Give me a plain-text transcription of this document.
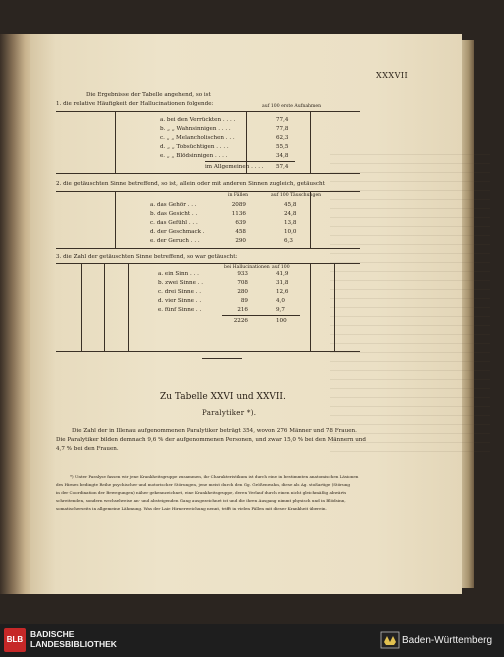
XXXVII
Die Ergebnisse der Tabelle angehend, so ist
1. die relative Häufigkeit der Hallucinationen folgende:	auf 100 erste Aufnahmen
a. bei den Verrückten . . . .	77,4
b. „ „ Wahnsinnigen . . . .	77,8
c. „ „ Melancholischen . . .	62,3
d. „ „ Tobsüchtigen . . . .	55,5
e. „ „ Blödsinnigen . . . .	34,8
im Allgemeinen . . . . 57,4
2. die getäuschten Sinne betreffend, so ist, allein oder mit anderen Sinnen zugleich, getäuscht
in Fällen	auf 100 Täuschungen
a. das Gehör . . .	2089	45,8
b. das Gesicht . .	1136	24,8
c. das Gefühl . . .	639	13,8
d. der Geschmack .	458	10,0
e. der Geruch . . .	290	6,3
3. die Zahl der getäuschten Sinne betreffend, so war getäuscht:
bei Hallucinationen auf 100
a. ein Sinn . . .	933	41,9
b. zwei Sinne . .	708	31,8
c. drei Sinne . .	280	12,6
d. vier Sinne . .	89	4,0
e. fünf Sinne . .	216	9,7
2226	100
Zu Tabelle XXVI und XXVII.
Paralytiker *).
Die Zahl der in Illenau aufgenommenen Paralytiker beträgt 354, wovon 276 Männer und 78 Frauen.
Die Paralytiker bilden demnach 9,6 % der aufgenommenen Personen, und zwar 15,0 % bei den Männern und
4,7 % bei den Frauen.
*) Unter Paralyse fassen wir jene Krankheitsgruppe zusammen, ihr Charakteristikum ist durch eine in bestimmten anatomischen Läsionen
des Hirnes bedingte Reihe psychischer und motorischer Störungen, jene meist durch den Gg. Größenwahn, diese als Ag. stoßartige (Störung
in der Coordination der Bewegungen) näher gekennzeichnet, eine Krankheitsgruppe, deren Verlauf durch einen nicht gleichmäßig abwärts
schreitenden, sondern wechselweise an- und absteigenden Gang ausgezeichnet ist und die ihren Ausgang nimmt physisch und in Blödsinn,
somatischerseits in allgemeine Lähmung. Was der Laie Hirnerweichung nennt, trifft in vielen Fällen mit dieser Krankheit überein.
BLB
BADISCHE
LANDESBIBLIOTHEK	Baden-Württemberg
